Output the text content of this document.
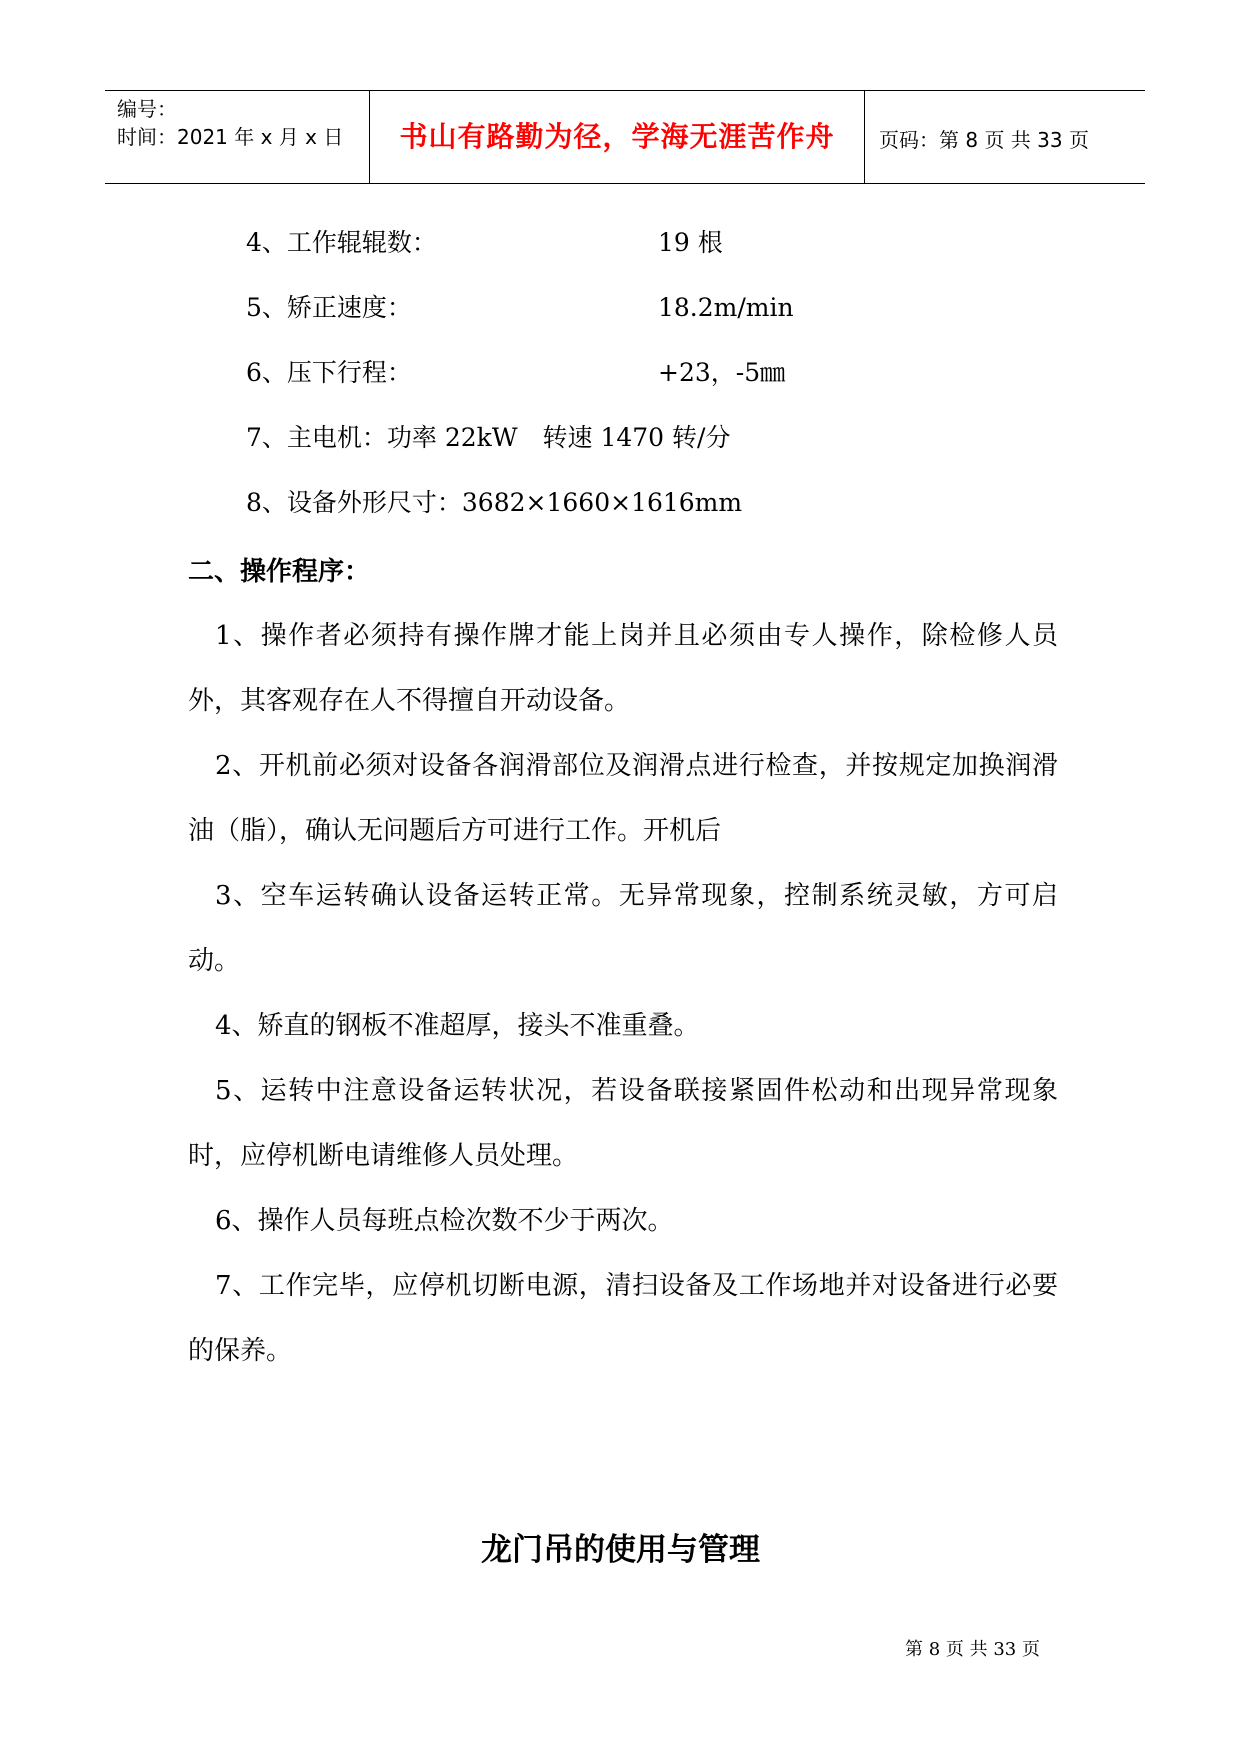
编号：
时间：2021 年 x 月 x 日	书山有路勤为径，学海无涯苦作舟	页码：第 8 页 共 33 页
4、工作辊辊数：	19 根
5、矫正速度：	18.2m/min
6、压下行程：	+23，-5㎜
7、主电机：功率 22kW　转速 1470 转/分
8、设备外形尺寸：3682×1660×1616mm
二、操作程序：

1、操作者必须持有操作牌才能上岗并且必须由专人操作，除检修人员外，其客观存在人不得擅自开动设备。

2、开机前必须对设备各润滑部位及润滑点进行检查，并按规定加换润滑油（脂），确认无问题后方可进行工作。开机后

3、空车运转确认设备运转正常。无异常现象，控制系统灵敏，方可启动。

4、矫直的钢板不准超厚，接头不准重叠。

5、运转中注意设备运转状况，若设备联接紧固件松动和出现异常现象时，应停机断电请维修人员处理。

6、操作人员每班点检次数不少于两次。

7、工作完毕，应停机切断电源，清扫设备及工作场地并对设备进行必要的保养。

龙门吊的使用与管理
第 8 页 共 33 页
